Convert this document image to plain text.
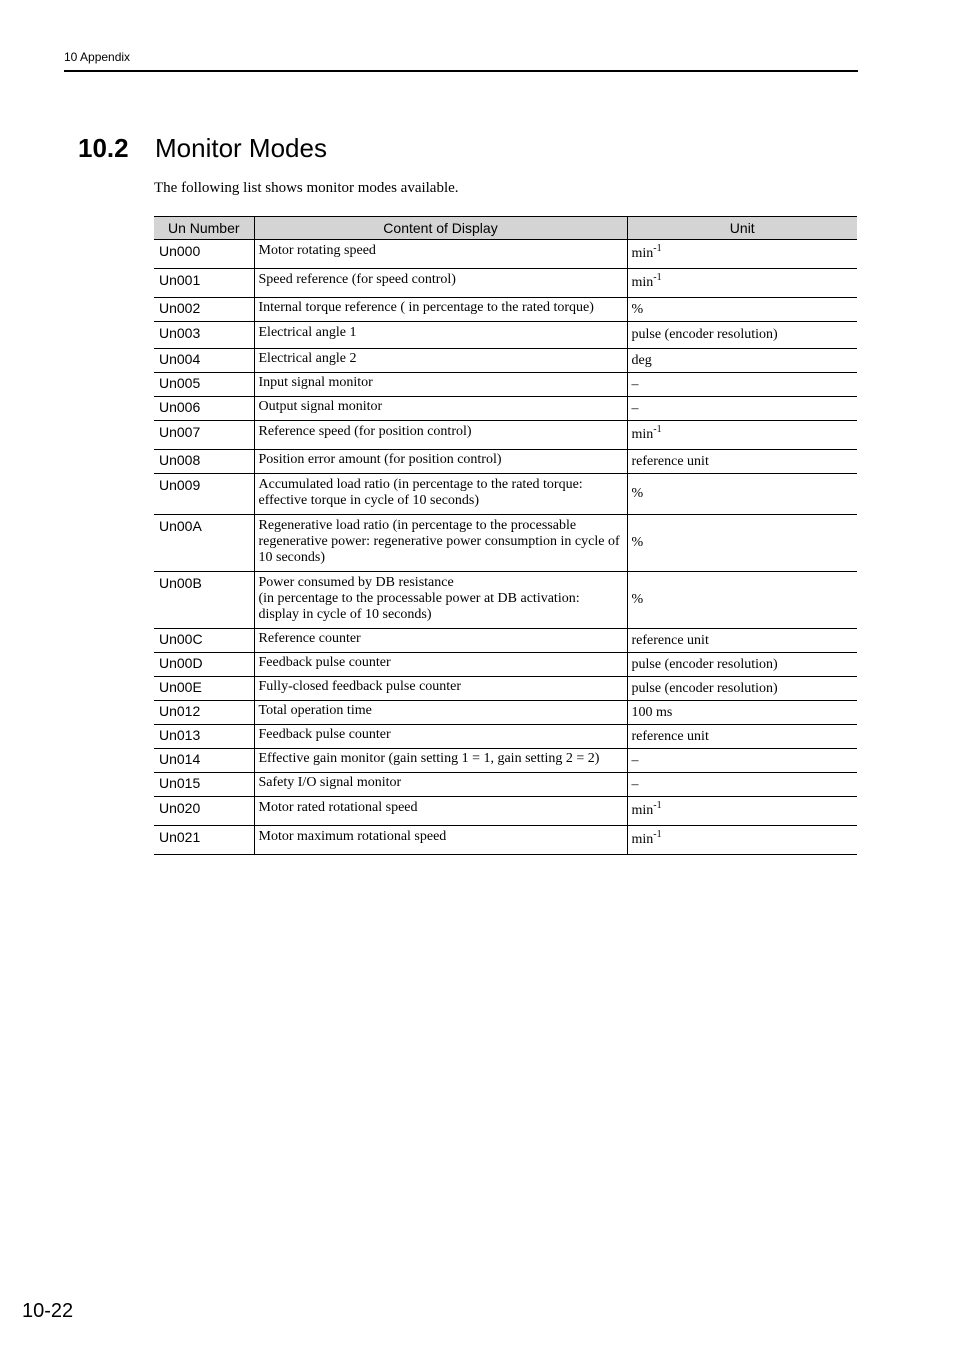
10 Appendix
10.2 Monitor Modes
The following list shows monitor modes available.
Un Number	Content of Display	Unit
Un000	Motor rotating speed	$\min^{-1}$
Un001	Speed reference (for speed control)	$\min^{-1}$
Un002	Internal torque reference ( in percentage to the rated torque)	%
Un003	Electrical angle 1	pulse (encoder resolution)
Un004	Electrical angle 2	deg
Un005	Input signal monitor	–
Un006	Output signal monitor	–
Un007	Reference speed (for position control)	$\min^{-1}$
Un008	Position error amount (for position control)	reference unit
Un009	Accumulated load ratio (in percentage to the rated torque: effective torque in cycle of 10 seconds)	%
Un00A	Regenerative load ratio (in percentage to the processable regenerative power: regenerative power consumption in cycle of 10 seconds)	%
Un00B	Power consumed by DB resistance
(in percentage to the processable power at DB activation: display in cycle of 10 seconds)	%
Un00C	Reference counter	reference unit
Un00D	Feedback pulse counter	pulse (encoder resolution)
Un00E	Fully-closed feedback pulse counter	pulse (encoder resolution)
Un012	Total operation time	100 ms
Un013	Feedback pulse counter	reference unit
Un014	Effective gain monitor (gain setting 1 = 1, gain setting 2 = 2)	–
Un015	Safety I/O signal monitor	–
Un020	Motor rated rotational speed	$\min^{-1}$
Un021	Motor maximum rotational speed	$\min^{-1}$
10-22
